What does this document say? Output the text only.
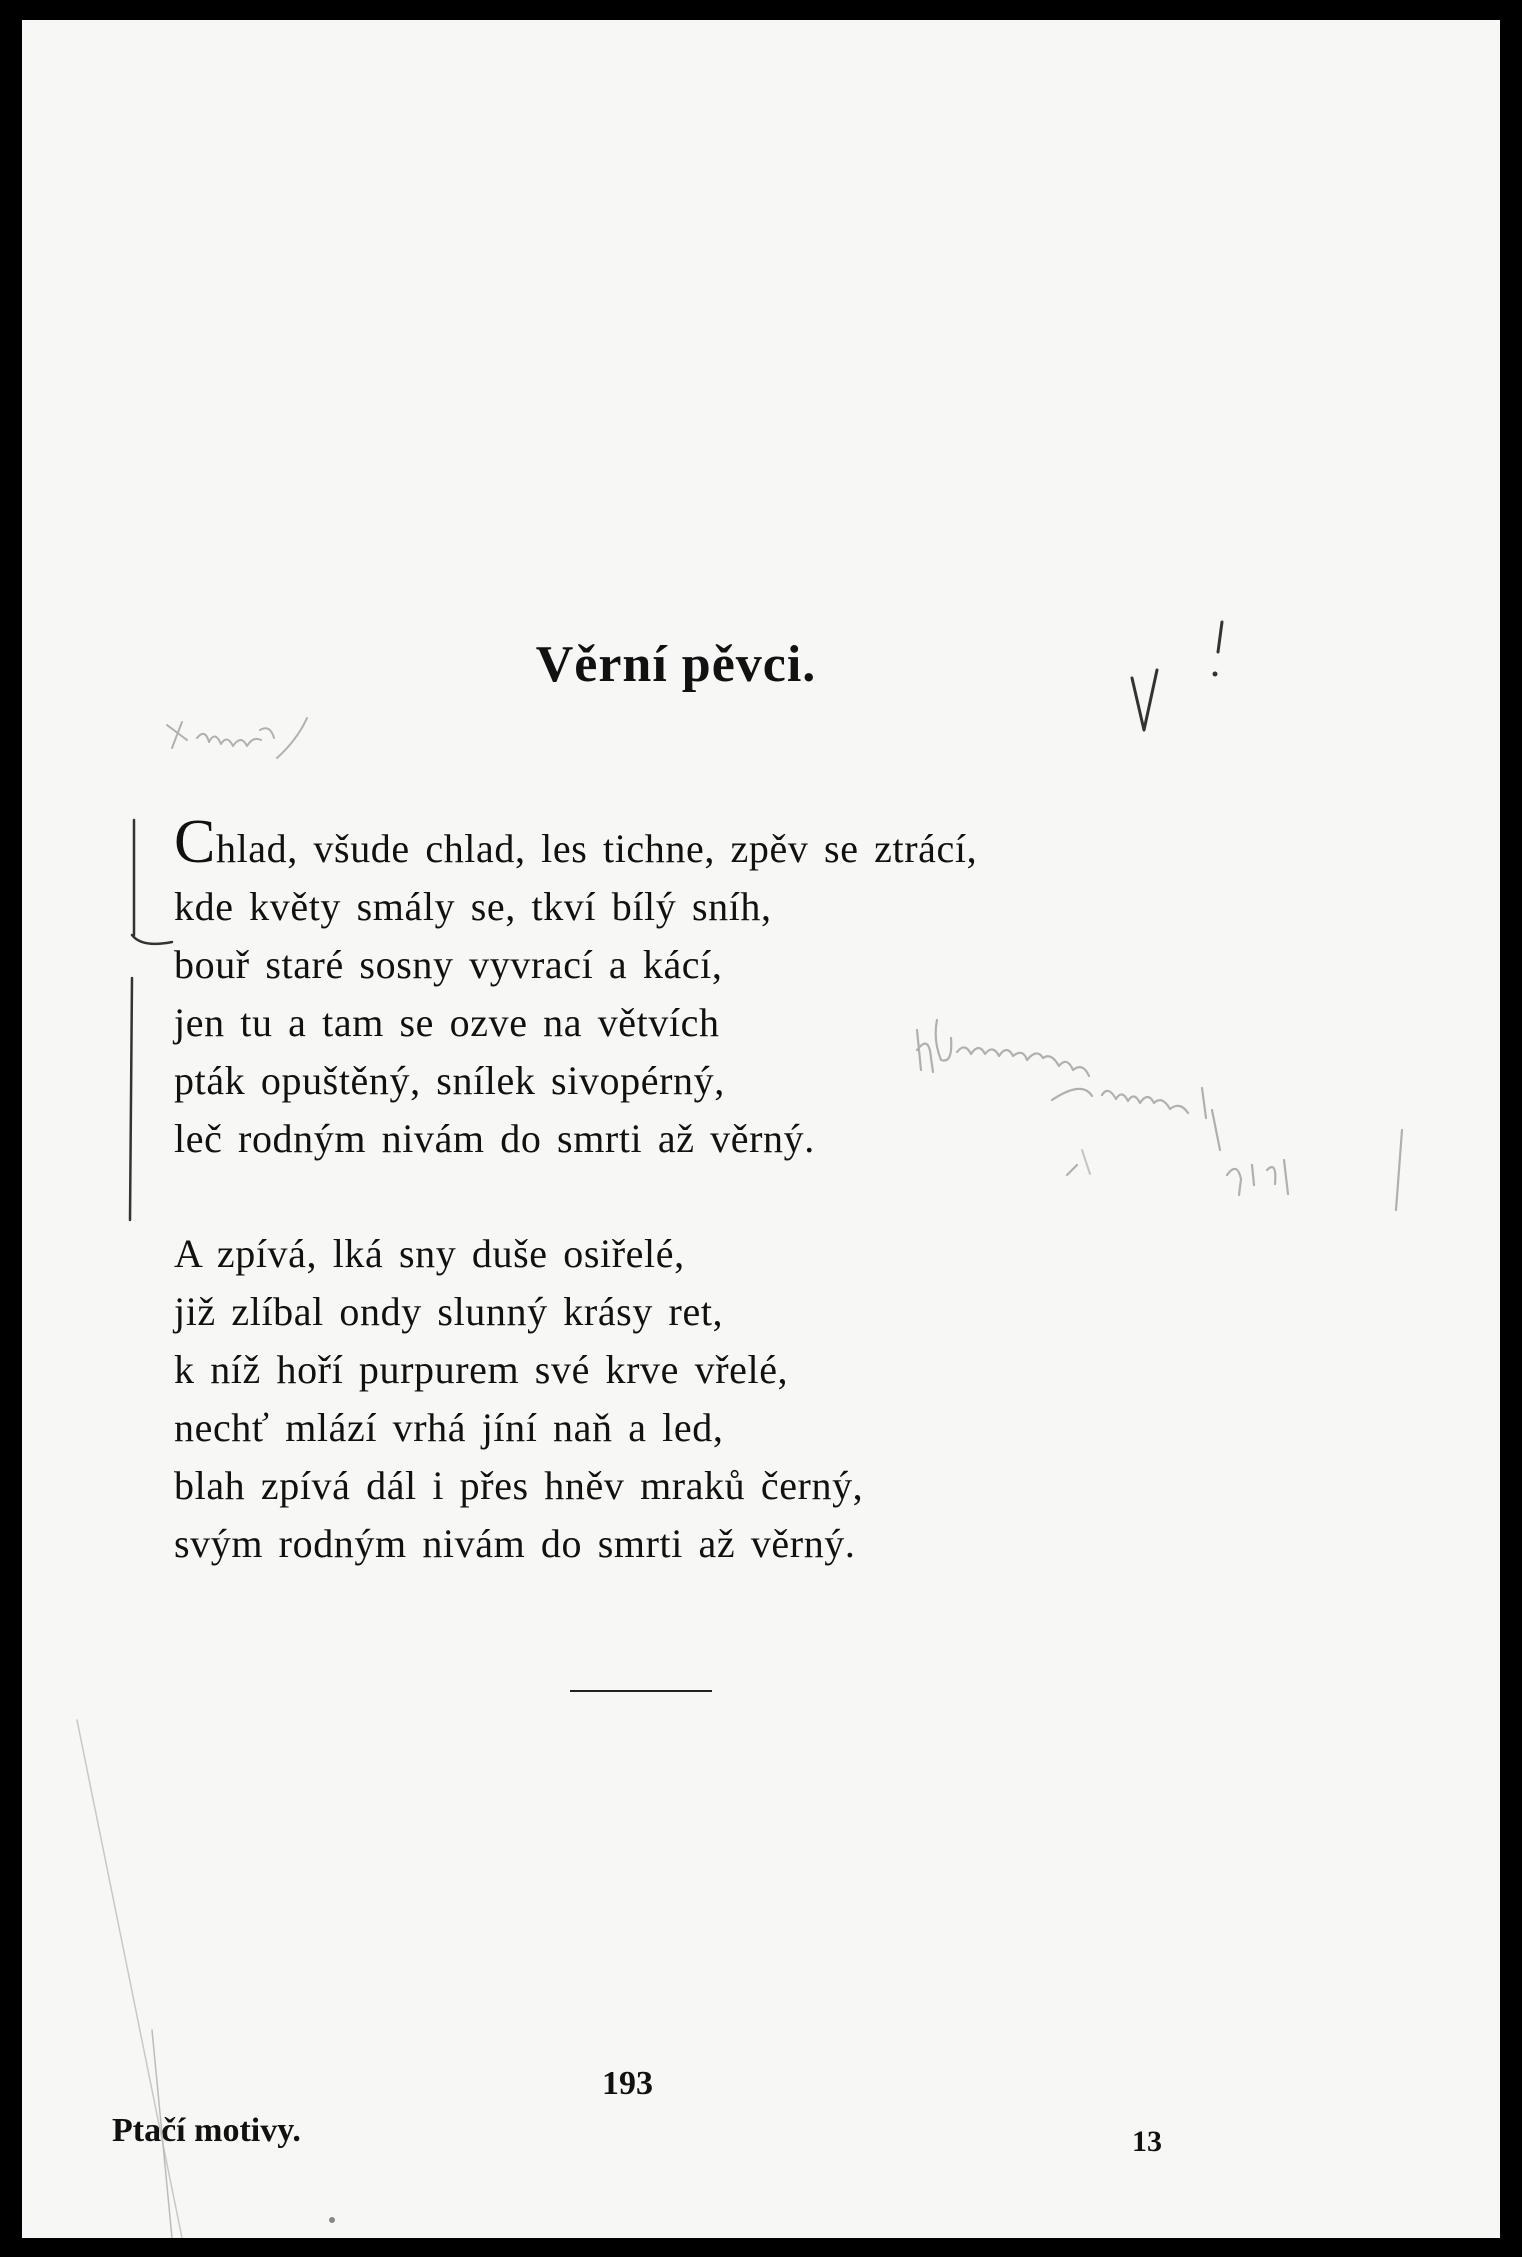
Věrní pěvci.
Chlad, všude chlad, les tichne, zpěv se ztrácí,
kde květy smály se, tkví bílý sníh,
bouř staré sosny vyvrací a kácí,
jen tu a tam se ozve na větvích
pták opuštěný, snílek sivopérný,
leč rodným nivám do smrti až věrný.
A zpívá, lká sny duše osiřelé,
již zlíbal ondy slunný krásy ret,
k níž hoří purpurem své krve vřelé,
nechť mlází vrhá jíní naň a led,
blah zpívá dál i přes hněv mraků černý,
svým rodným nivám do smrti až věrný.
193
Ptačí motivy.	13
